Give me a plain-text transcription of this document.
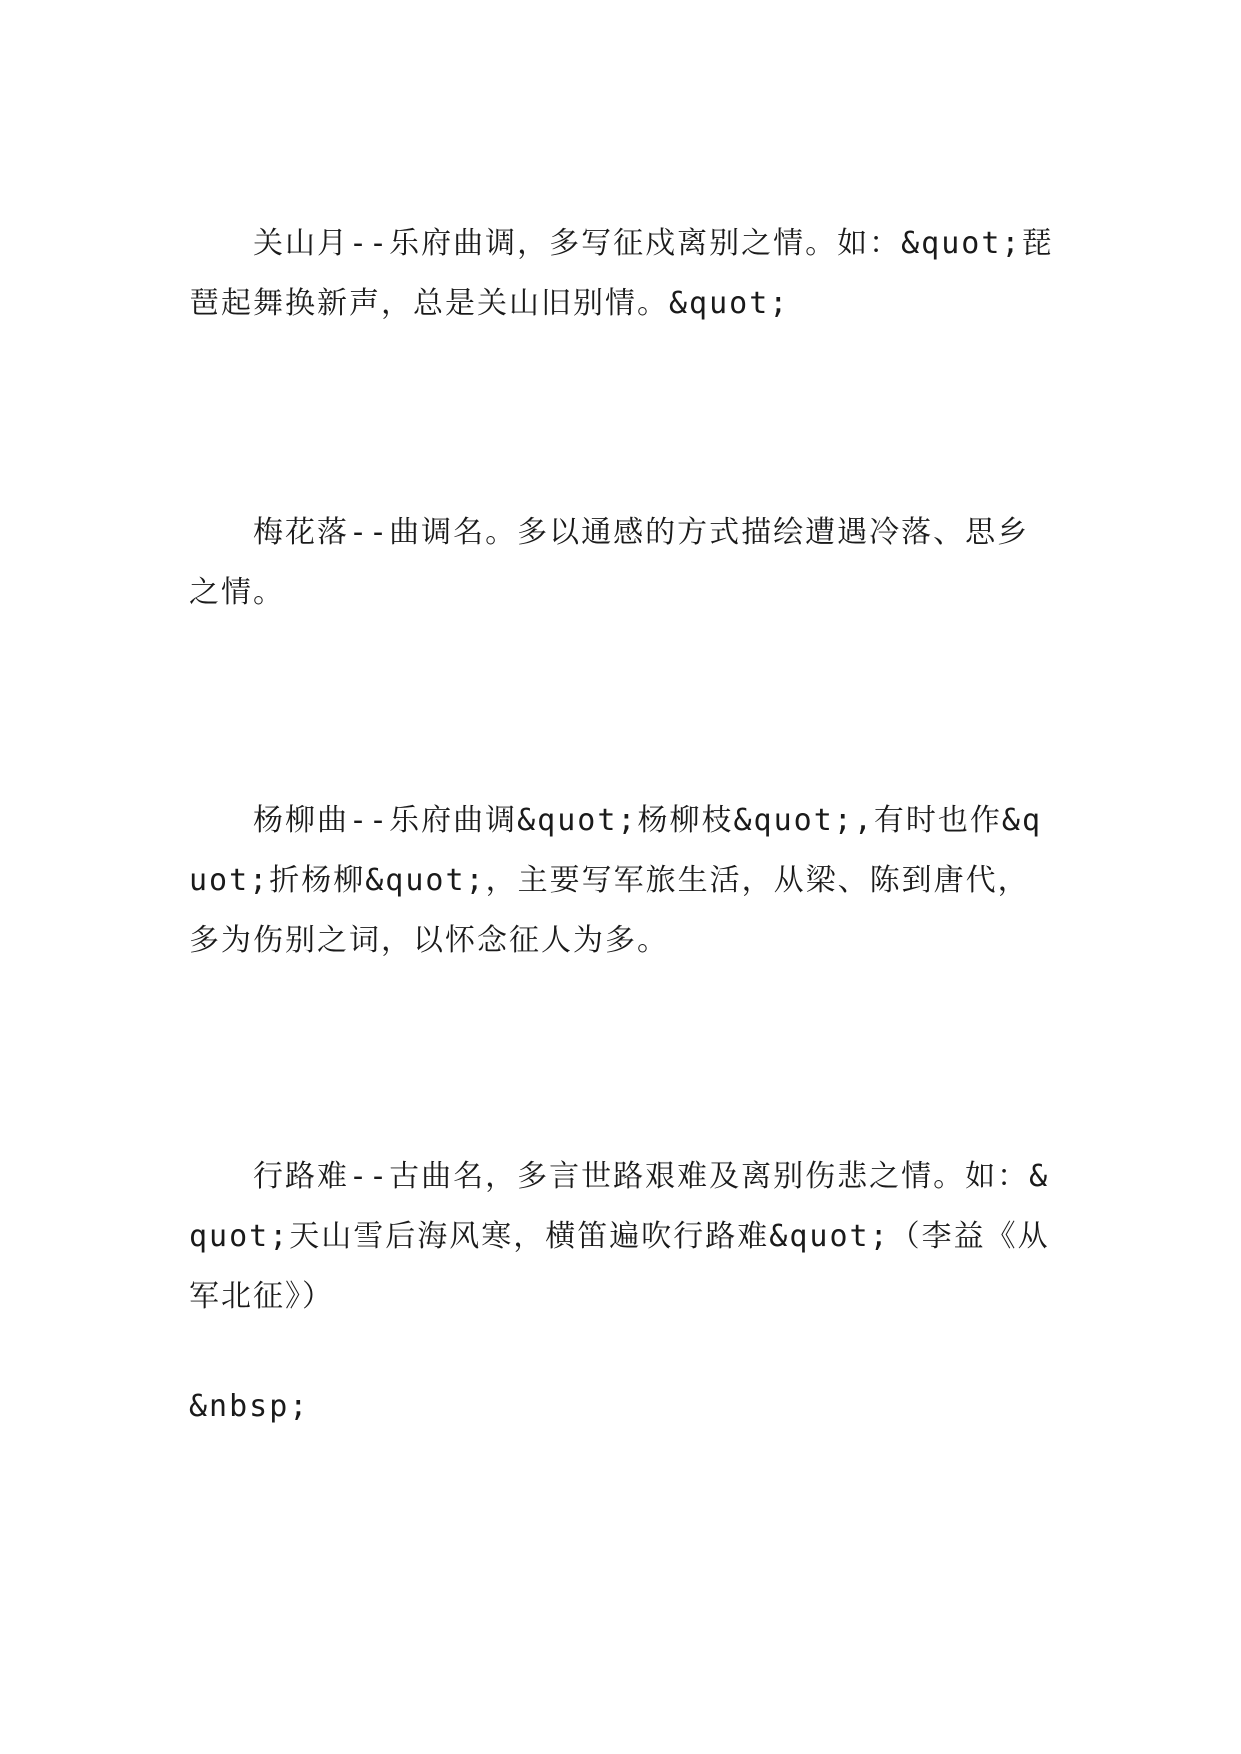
关山月--乐府曲调，多写征戍离别之情。如：&quot;琵琶起舞换新声，总是关山旧别情。&quot;

梅花落--曲调名。多以通感的方式描绘遭遇冷落、思乡之情。

杨柳曲--乐府曲调&quot;杨柳枝&quot;,有时也作&quot;折杨柳&quot;，主要写军旅生活，从梁、陈到唐代，多为伤别之词，以怀念征人为多。

行路难--古曲名，多言世路艰难及离别伤悲之情。如：&quot;天山雪后海风寒，横笛遍吹行路难&quot;（李益《从军北征》）

&nbsp;
